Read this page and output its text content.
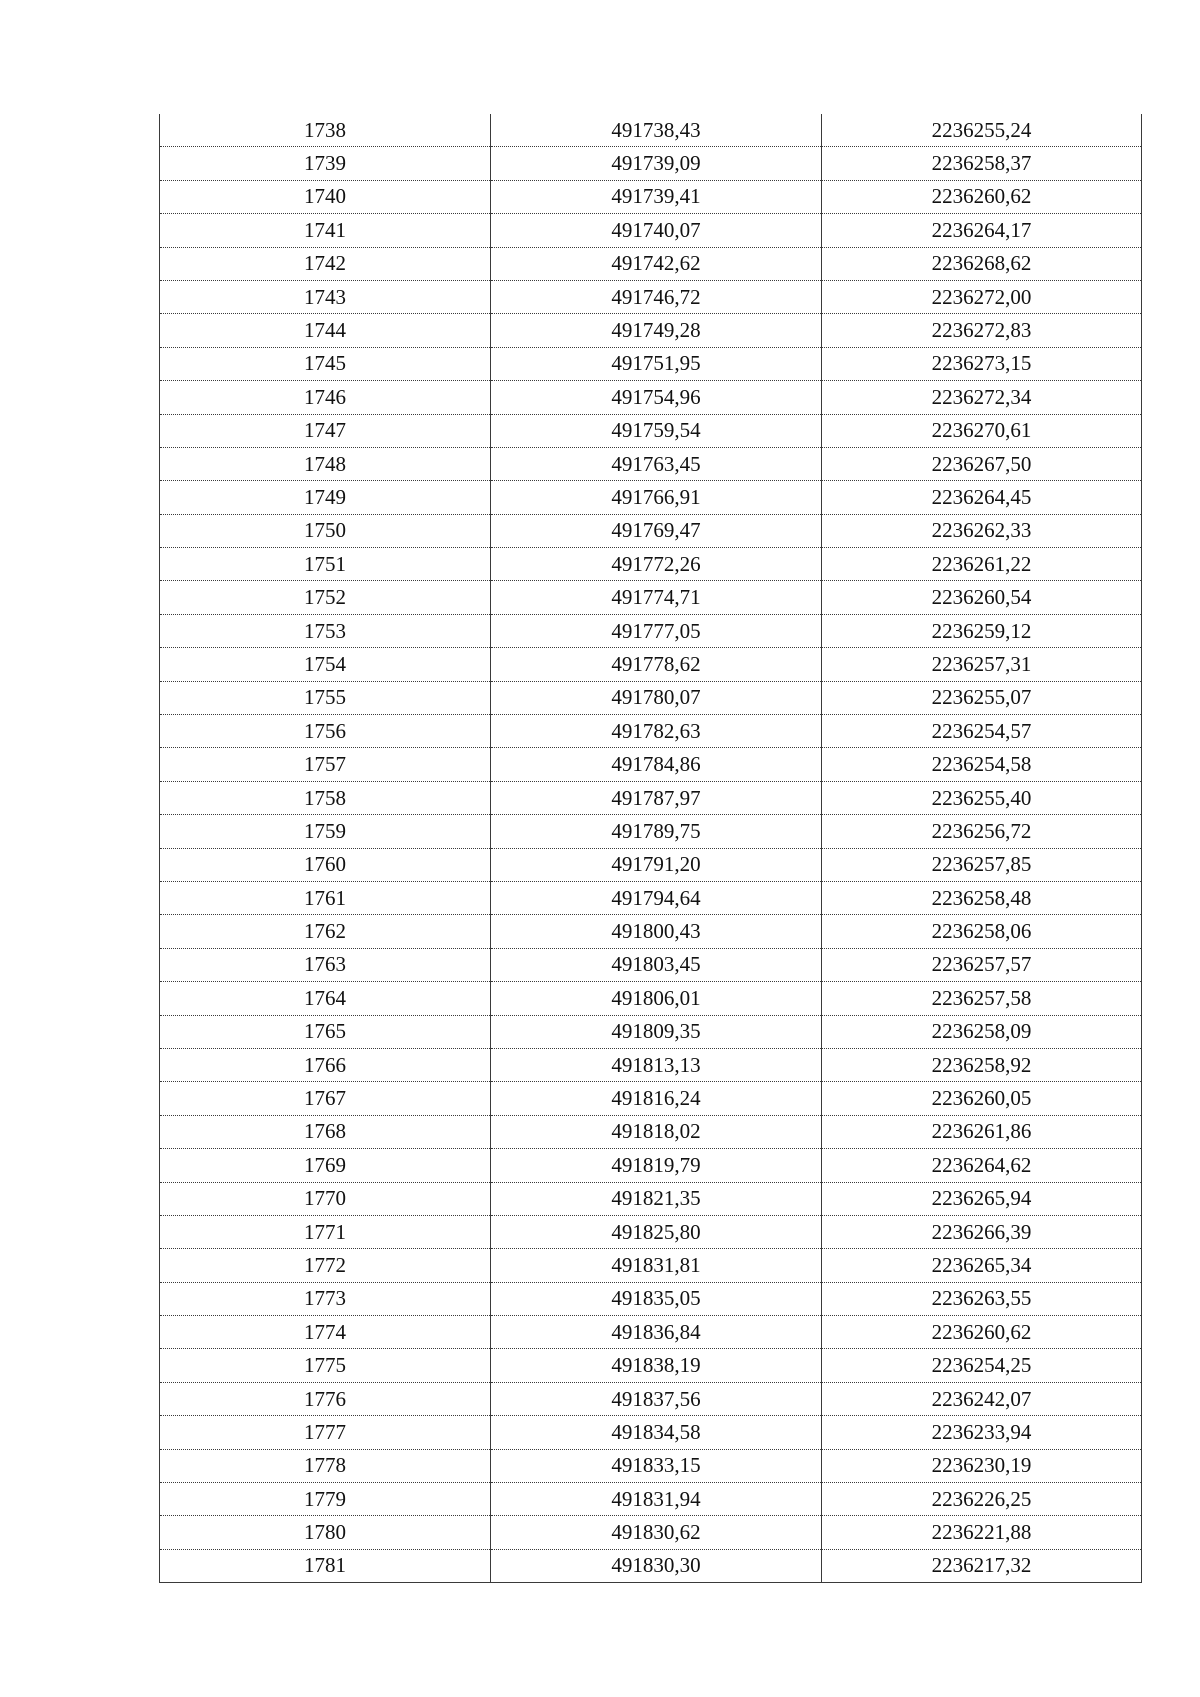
1738	491738,43	2236255,24
1739	491739,09	2236258,37
1740	491739,41	2236260,62
1741	491740,07	2236264,17
1742	491742,62	2236268,62
1743	491746,72	2236272,00
1744	491749,28	2236272,83
1745	491751,95	2236273,15
1746	491754,96	2236272,34
1747	491759,54	2236270,61
1748	491763,45	2236267,50
1749	491766,91	2236264,45
1750	491769,47	2236262,33
1751	491772,26	2236261,22
1752	491774,71	2236260,54
1753	491777,05	2236259,12
1754	491778,62	2236257,31
1755	491780,07	2236255,07
1756	491782,63	2236254,57
1757	491784,86	2236254,58
1758	491787,97	2236255,40
1759	491789,75	2236256,72
1760	491791,20	2236257,85
1761	491794,64	2236258,48
1762	491800,43	2236258,06
1763	491803,45	2236257,57
1764	491806,01	2236257,58
1765	491809,35	2236258,09
1766	491813,13	2236258,92
1767	491816,24	2236260,05
1768	491818,02	2236261,86
1769	491819,79	2236264,62
1770	491821,35	2236265,94
1771	491825,80	2236266,39
1772	491831,81	2236265,34
1773	491835,05	2236263,55
1774	491836,84	2236260,62
1775	491838,19	2236254,25
1776	491837,56	2236242,07
1777	491834,58	2236233,94
1778	491833,15	2236230,19
1779	491831,94	2236226,25
1780	491830,62	2236221,88
1781	491830,30	2236217,32
